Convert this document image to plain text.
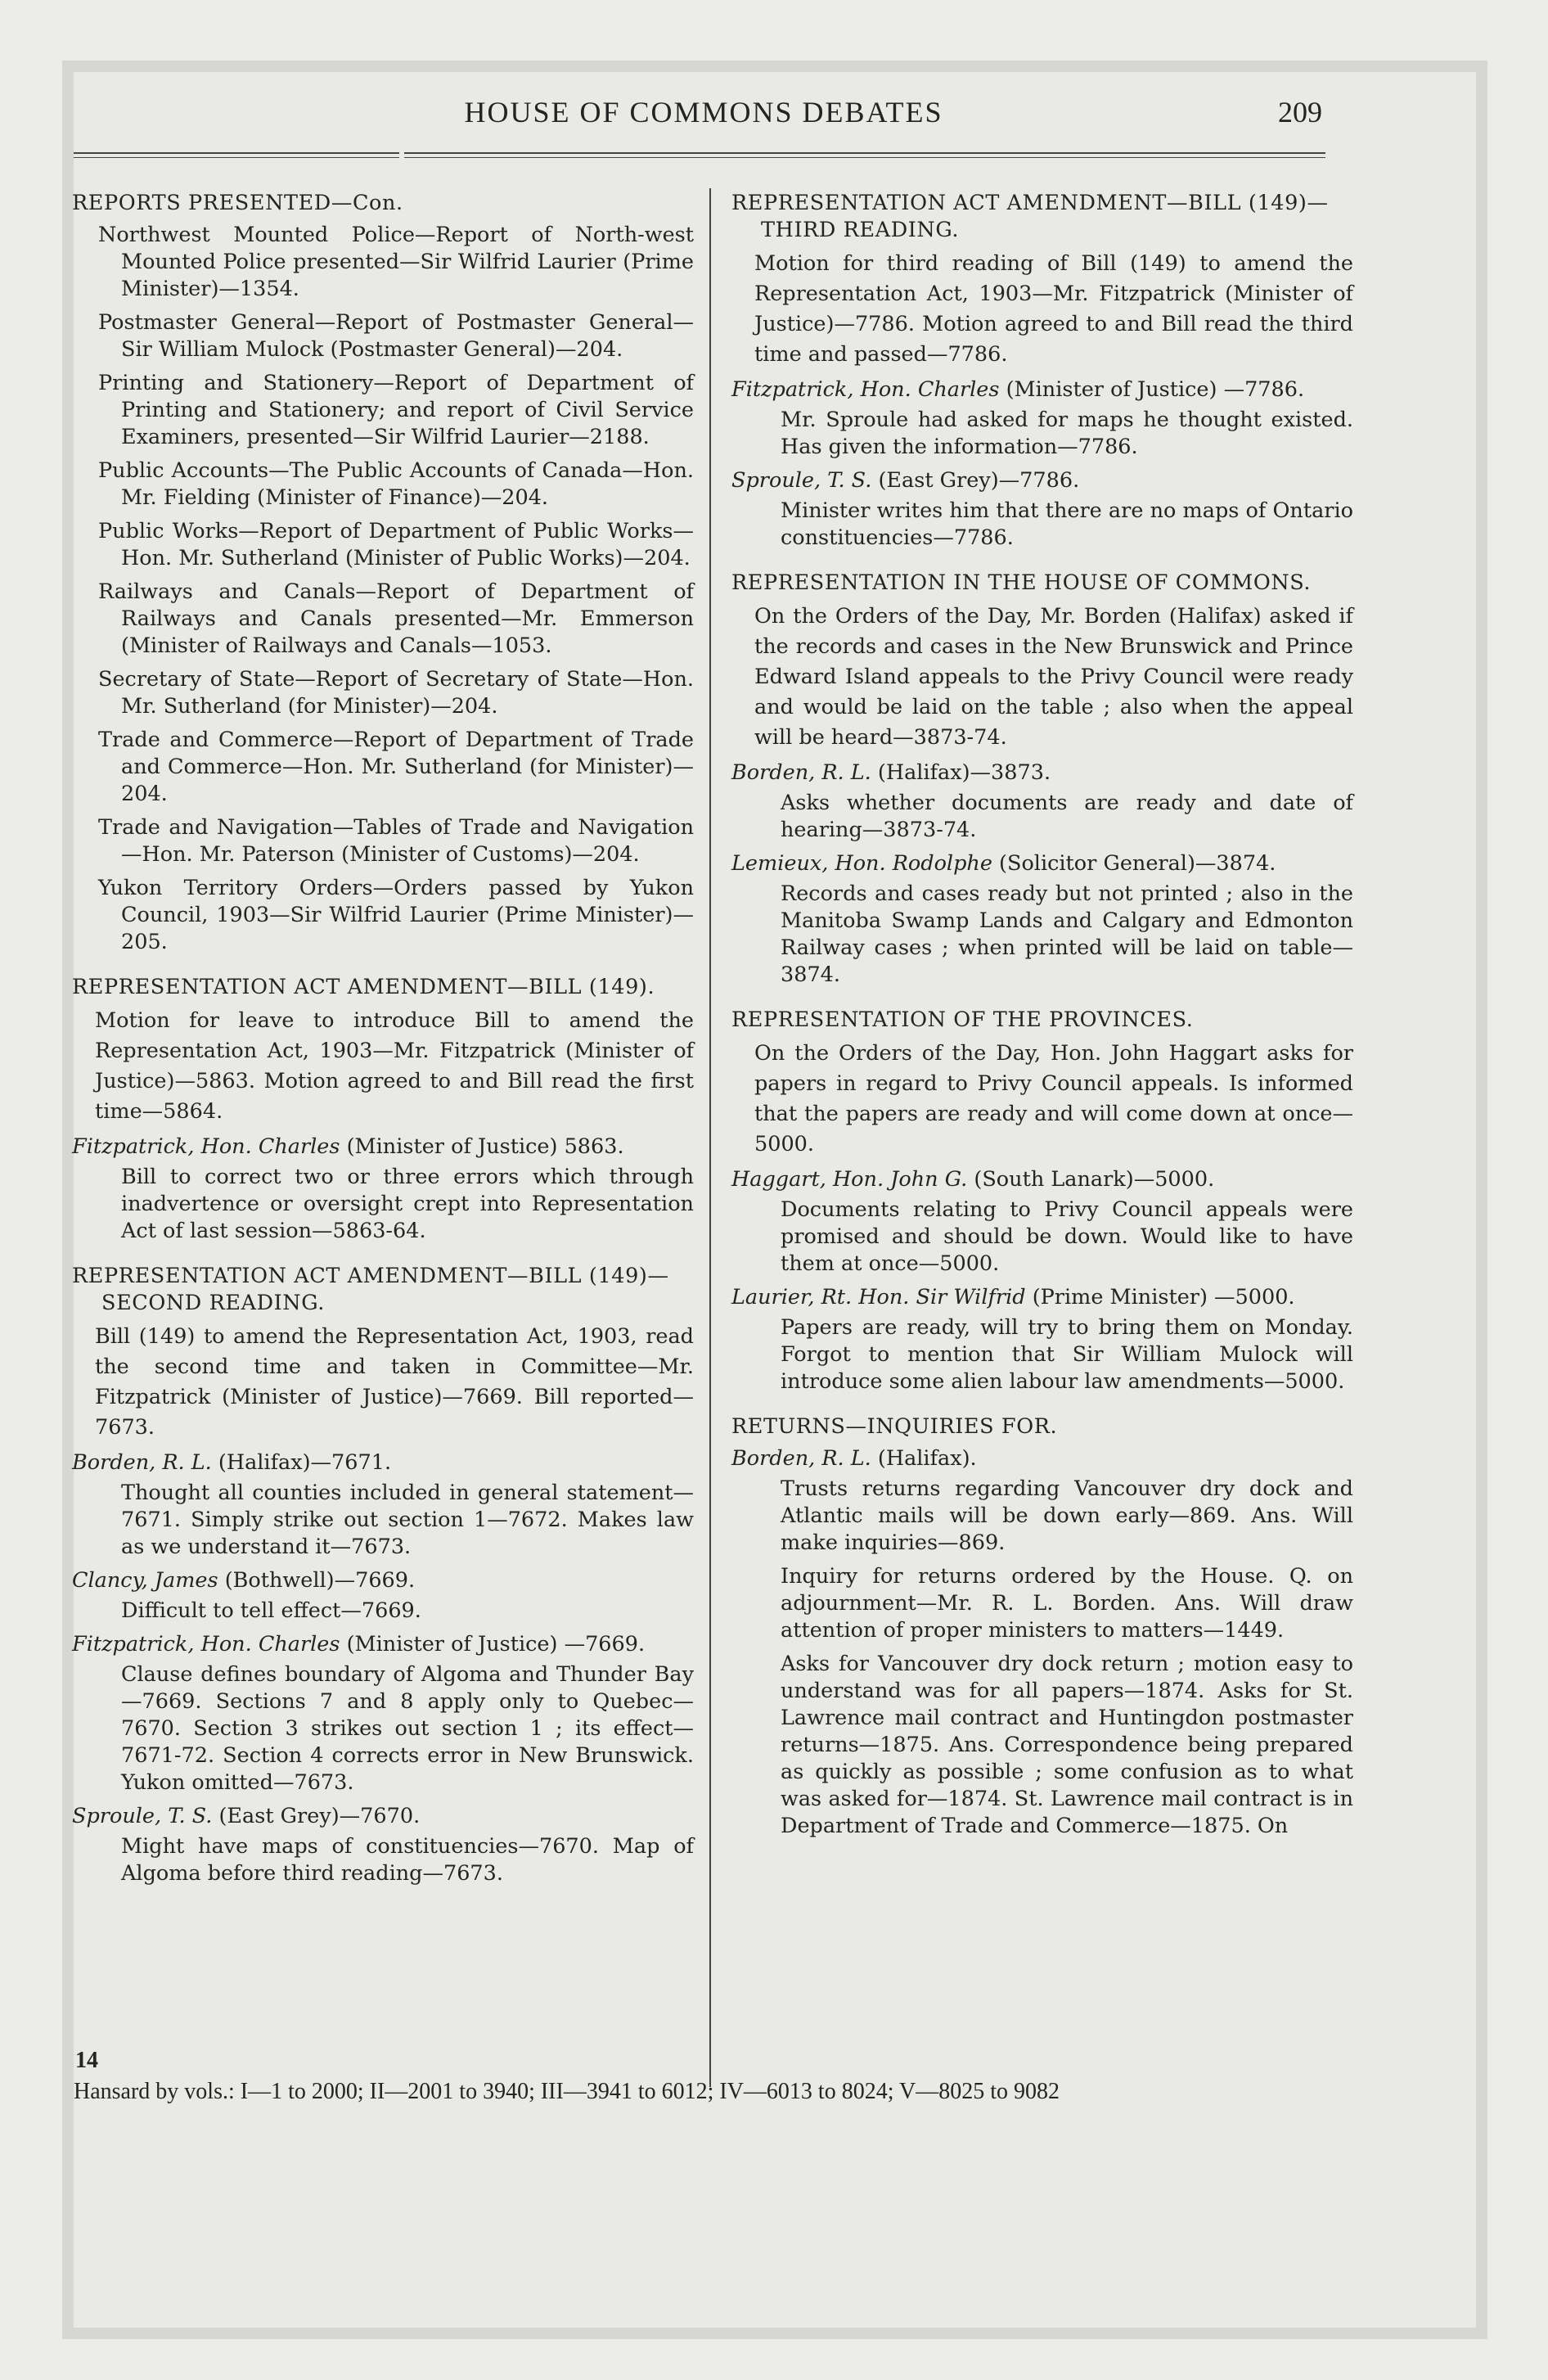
HOUSE OF COMMONS DEBATES	209
REPORTS PRESENTED—Con.
Northwest Mounted Police—Report of North-west Mounted Police presented—Sir Wilfrid Laurier (Prime Minister)—1354.
Postmaster General—Report of Postmaster General—Sir William Mulock (Postmaster General)—204.
Printing and Stationery—Report of Department of Printing and Stationery; and report of Civil Service Examiners, presented—Sir Wilfrid Laurier—2188.
Public Accounts—The Public Accounts of Canada—Hon. Mr. Fielding (Minister of Finance)—204.
Public Works—Report of Department of Public Works—Hon. Mr. Sutherland (Minister of Public Works)—204.
Railways and Canals—Report of Department of Railways and Canals presented—Mr. Emmerson (Minister of Railways and Canals—1053.
Secretary of State—Report of Secretary of State—Hon. Mr. Sutherland (for Minister)—204.
Trade and Commerce—Report of Department of Trade and Commerce—Hon. Mr. Sutherland (for Minister)—204.
Trade and Navigation—Tables of Trade and Navigation—Hon. Mr. Paterson (Minister of Customs)—204.
Yukon Territory Orders—Orders passed by Yukon Council, 1903—Sir Wilfrid Laurier (Prime Minister)—205.
REPRESENTATION ACT AMENDMENT—BILL (149).
Motion for leave to introduce Bill to amend the Representation Act, 1903—Mr. Fitzpatrick (Minister of Justice)—5863. Motion agreed to and Bill read the first time—5864.
Fitzpatrick, Hon. Charles (Minister of Justice) 5863.
Bill to correct two or three errors which through inadvertence or oversight crept into Representation Act of last session—5863-64.
REPRESENTATION ACT AMENDMENT—BILL (149)—SECOND READING.
Bill (149) to amend the Representation Act, 1903, read the second time and taken in Committee—Mr. Fitzpatrick (Minister of Justice)—7669. Bill reported—7673.
Borden, R. L. (Halifax)—7671.
Thought all counties included in general statement—7671. Simply strike out section 1—7672. Makes law as we understand it—7673.
Clancy, James (Bothwell)—7669.
Difficult to tell effect—7669.
Fitzpatrick, Hon. Charles (Minister of Justice) —7669.
Clause defines boundary of Algoma and Thunder Bay—7669. Sections 7 and 8 apply only to Quebec—7670. Section 3 strikes out section 1 ; its effect—7671-72. Section 4 corrects error in New Brunswick. Yukon omitted—7673.
Sproule, T. S. (East Grey)—7670.
Might have maps of constituencies—7670. Map of Algoma before third reading—7673.
REPRESENTATION ACT AMENDMENT—BILL (149)—THIRD READING.
Motion for third reading of Bill (149) to amend the Representation Act, 1903—Mr. Fitzpatrick (Minister of Justice)—7786. Motion agreed to and Bill read the third time and passed—7786.
Fitzpatrick, Hon. Charles (Minister of Justice) —7786.
Mr. Sproule had asked for maps he thought existed. Has given the information—7786.
Sproule, T. S. (East Grey)—7786.
Minister writes him that there are no maps of Ontario constituencies—7786.
REPRESENTATION IN THE HOUSE OF COMMONS.
On the Orders of the Day, Mr. Borden (Halifax) asked if the records and cases in the New Brunswick and Prince Edward Island appeals to the Privy Council were ready and would be laid on the table ; also when the appeal will be heard—3873-74.
Borden, R. L. (Halifax)—3873.
Asks whether documents are ready and date of hearing—3873-74.
Lemieux, Hon. Rodolphe (Solicitor General)—3874.
Records and cases ready but not printed ; also in the Manitoba Swamp Lands and Calgary and Edmonton Railway cases ; when printed will be laid on table—3874.
REPRESENTATION OF THE PROVINCES.
On the Orders of the Day, Hon. John Haggart asks for papers in regard to Privy Council appeals. Is informed that the papers are ready and will come down at once—5000.
Haggart, Hon. John G. (South Lanark)—5000.
Documents relating to Privy Council appeals were promised and should be down. Would like to have them at once—5000.
Laurier, Rt. Hon. Sir Wilfrid (Prime Minister) —5000.
Papers are ready, will try to bring them on Monday. Forgot to mention that Sir William Mulock will introduce some alien labour law amendments—5000.
RETURNS—INQUIRIES FOR.
Borden, R. L. (Halifax).
Trusts returns regarding Vancouver dry dock and Atlantic mails will be down early—869. Ans. Will make inquiries—869.
Inquiry for returns ordered by the House. Q. on adjournment—Mr. R. L. Borden. Ans. Will draw attention of proper ministers to matters—1449.
Asks for Vancouver dry dock return ; motion easy to understand was for all papers—1874. Asks for St. Lawrence mail contract and Huntingdon postmaster returns—1875. Ans. Correspondence being prepared as quickly as possible ; some confusion as to what was asked for—1874. St. Lawrence mail contract is in Department of Trade and Commerce—1875. On
14
Hansard by vols.: I—1 to 2000; II—2001 to 3940; III—3941 to 6012; IV—6013 to 8024; V—8025 to 9082
